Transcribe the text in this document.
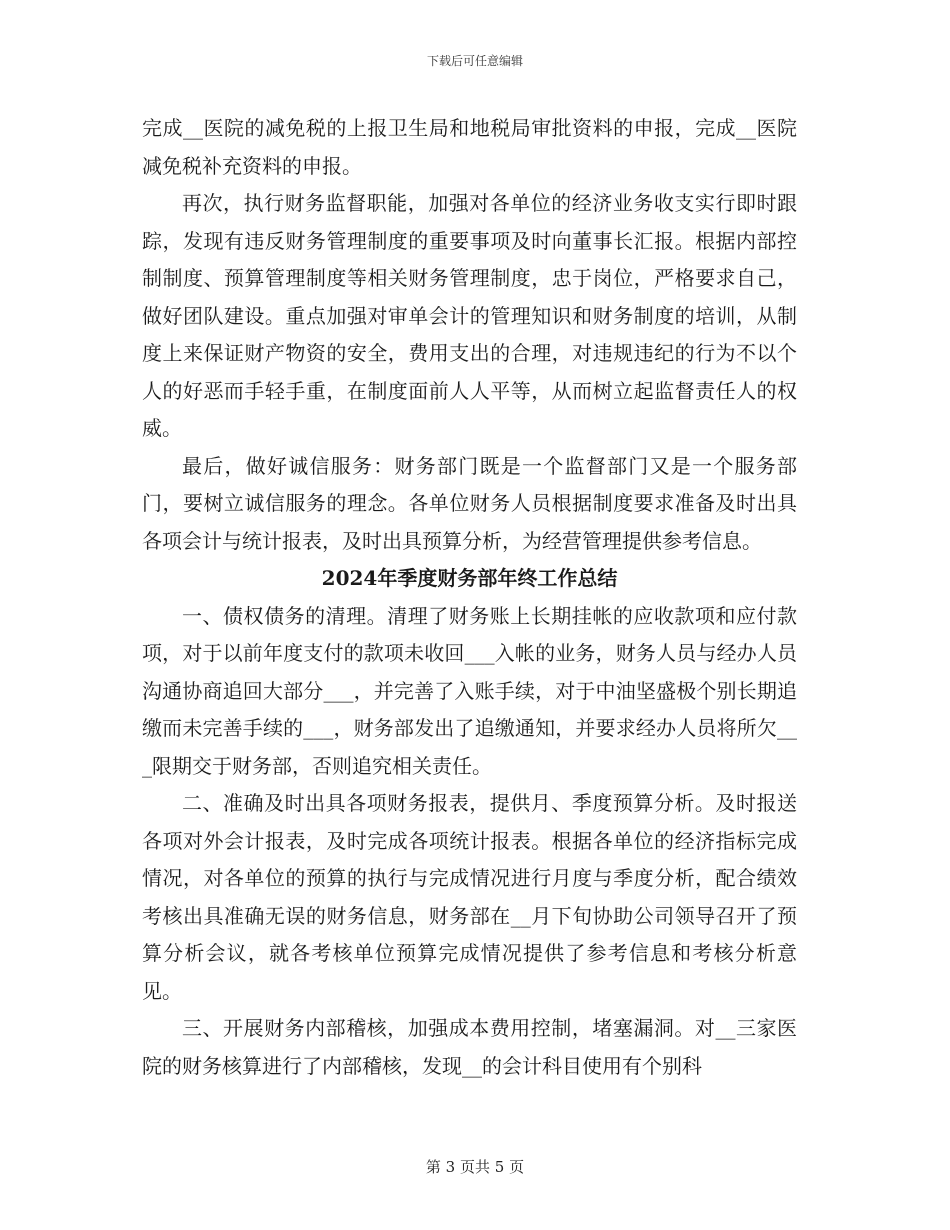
下载后可任意编辑

完成__医院的减免税的上报卫生局和地税局审批资料的申报，完成__医院减免税补充资料的申报。

再次，执行财务监督职能，加强对各单位的经济业务收支实行即时跟踪，发现有违反财务管理制度的重要事项及时向董事长汇报。根据内部控制制度、预算管理制度等相关财务管理制度，忠于岗位，严格要求自己，做好团队建设。重点加强对审单会计的管理知识和财务制度的培训，从制度上来保证财产物资的安全，费用支出的合理，对违规违纪的行为不以个人的好恶而手轻手重，在制度面前人人平等，从而树立起监督责任人的权威。

最后，做好诚信服务：财务部门既是一个监督部门又是一个服务部门，要树立诚信服务的理念。各单位财务人员根据制度要求准备及时出具各项会计与统计报表，及时出具预算分析，为经营管理提供参考信息。

2024年季度财务部年终工作总结

一、债权债务的清理。清理了财务账上长期挂帐的应收款项和应付款项，对于以前年度支付的款项未收回___入帐的业务，财务人员与经办人员沟通协商追回大部分___，并完善了入账手续，对于中油坚盛极个别长期追缴而未完善手续的___，财务部发出了追缴通知，并要求经办人员将所欠___限期交于财务部，否则追究相关责任。

二、准确及时出具各项财务报表，提供月、季度预算分析。及时报送各项对外会计报表，及时完成各项统计报表。根据各单位的经济指标完成情况，对各单位的预算的执行与完成情况进行月度与季度分析，配合绩效考核出具准确无误的财务信息，财务部在__月下旬协助公司领导召开了预算分析会议，就各考核单位预算完成情况提供了参考信息和考核分析意见。

三、开展财务内部稽核，加强成本费用控制，堵塞漏洞。对__三家医院的财务核算进行了内部稽核，发现__的会计科目使用有个别科

第 3 页共 5 页
